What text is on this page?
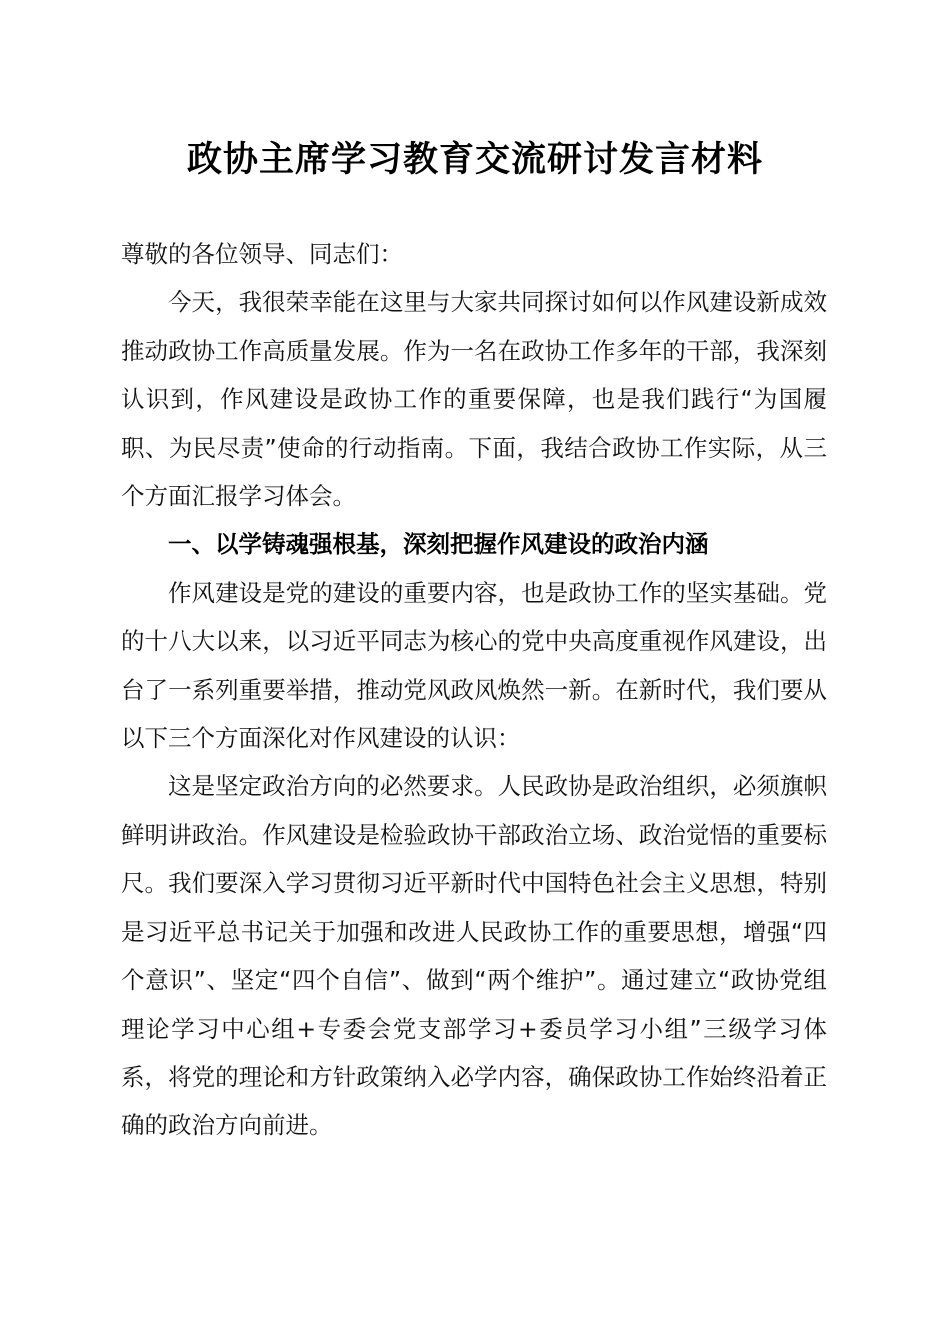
政协主席学习教育交流研讨发言材料

尊敬的各位领导、同志们：

今天，我很荣幸能在这里与大家共同探讨如何以作风建设新成效推动政协工作高质量发展。作为一名在政协工作多年的干部，我深刻认识到，作风建设是政协工作的重要保障，也是我们践行“为国履职、为民尽责”使命的行动指南。下面，我结合政协工作实际，从三个方面汇报学习体会。

一、以学铸魂强根基，深刻把握作风建设的政治内涵

作风建设是党的建设的重要内容，也是政协工作的坚实基础。党的十八大以来，以习近平同志为核心的党中央高度重视作风建设，出台了一系列重要举措，推动党风政风焕然一新。在新时代，我们要从以下三个方面深化对作风建设的认识：

这是坚定政治方向的必然要求。人民政协是政治组织，必须旗帜鲜明讲政治。作风建设是检验政协干部政治立场、政治觉悟的重要标尺。我们要深入学习贯彻习近平新时代中国特色社会主义思想，特别是习近平总书记关于加强和改进人民政协工作的重要思想，增强“四个意识”、坚定“四个自信”、做到“两个维护”。通过建立“政协党组理论学习中心组+专委会党支部学习+委员学习小组”三级学习体系，将党的理论和方针政策纳入必学内容，确保政协工作始终沿着正确的政治方向前进。
